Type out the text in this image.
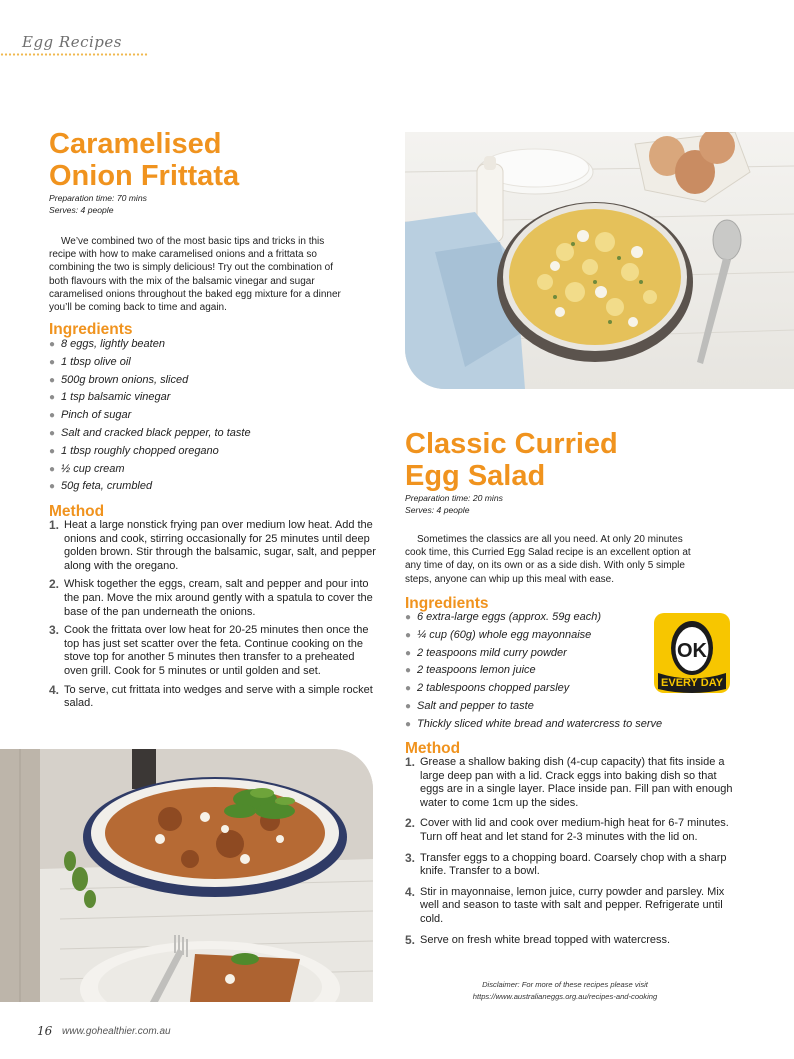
Egg Recipes
Caramelised
Onion Frittata
Preparation time: 70 mins
Serves: 4 people

We’ve combined two of the most basic tips and tricks in this recipe with how to make caramelised onions and a frittata so combining the two is simply delicious! Try out the combination of both flavours with the mix of the balsamic vinegar and sugar caramelised onions throughout the baked egg mixture for a dinner you’ll be coming back to time and again.

Ingredients
● 8 eggs, lightly beaten
● 1 tbsp olive oil
● 500g brown onions, sliced
● 1 tsp balsamic vinegar
● Pinch of sugar
● Salt and cracked black pepper, to taste
● 1 tbsp roughly chopped oregano
● ½ cup cream
● 50g feta, crumbled
Method
1. Heat a large nonstick frying pan over medium low heat. Add the onions and cook, stirring occasionally for 25 minutes until deep golden brown. Stir through the balsamic, sugar, salt, and pepper along with the oregano.
2. Whisk together the eggs, cream, salt and pepper and pour into the pan. Move the mix around gently with a spatula to cover the base of the pan underneath the onions.
3. Cook the frittata over low heat for 20-25 minutes then once the top has just set scatter over the feta. Continue cooking on the stove top for another 5 minutes then transfer to a preheated oven grill. Cook for 5 minutes or until golden and set.
4. To serve, cut frittata into wedges and serve with a simple rocket salad.
Classic Curried
Egg Salad
Preparation time: 20 mins
Serves: 4 people

Sometimes the classics are all you need. At only 20 minutes cook time, this Curried Egg Salad recipe is an excellent option at any time of day, on its own or as a side dish. With only 5 simple steps, anyone can whip up this meal with ease.

Ingredients
● 6 extra-large eggs (approx. 59g each)
● ¼ cup (60g) whole egg mayonnaise
● 2 teaspoons mild curry powder
● 2 teaspoons lemon juice
● 2 tablespoons chopped parsley
● Salt and pepper to taste
● Thickly sliced white bread and watercress to serve
OK
EVERY DAY
Method
1. Grease a shallow baking dish (4-cup capacity) that fits inside a large deep pan with a lid. Crack eggs into baking dish so that eggs are in a single layer. Place inside pan. Fill pan with enough water to come 1cm up the sides.
2. Cover with lid and cook over medium-high heat for 6-7 minutes. Turn off heat and let stand for 2-3 minutes with the lid on.
3. Transfer eggs to a chopping board. Coarsely chop with a sharp knife. Transfer to a bowl.
4. Stir in mayonnaise, lemon juice, curry powder and parsley. Mix well and season to taste with salt and pepper. Refrigerate until cold.
5. Serve on fresh white bread topped with watercress.
Disclaimer: For more of these recipes please visit
https://www.australianeggs.org.au/recipes-and-cooking
16 www.gohealthier.com.au
